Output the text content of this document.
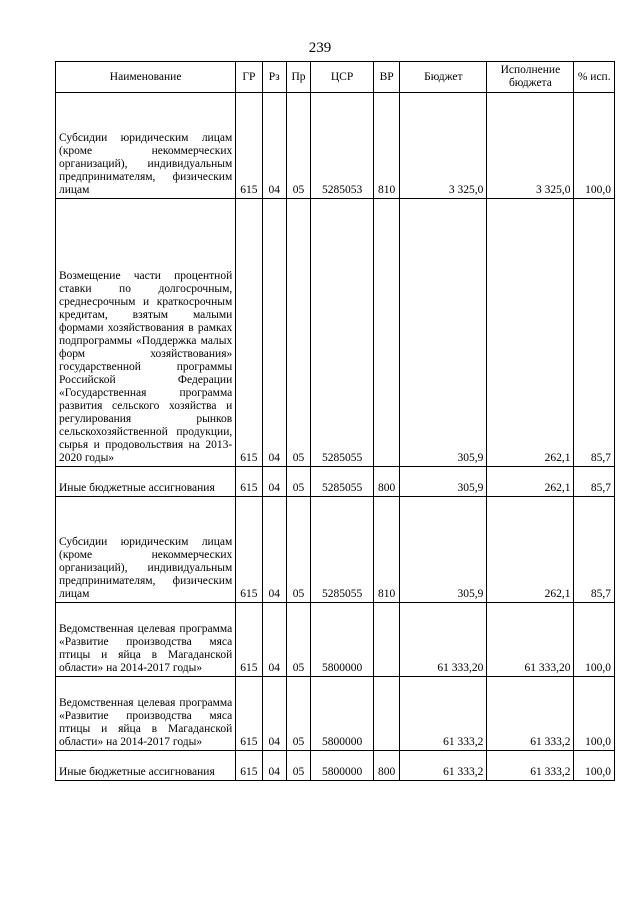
239
Наименование	ГР	Рз	Пр	ЦСР	ВР	Бюджет	Исполнение бюджета	% исп.
Субсидии юридическим лицам (кроме некоммерческих организаций), индивидуальным предпринимателям, физическим лицам	615	04	05	5285053	810	3 325,0	3 325,0	100,0
Возмещение части процентной ставки по долгосрочным, среднесрочным и краткосрочным кредитам, взятым малыми формами хозяйствования в рамках подпрограммы «Поддержка малых форм хозяйствования» государственной программы Российской Федерации «Государственная программа развития сельского хозяйства и регулирования рынков сельскохозяйственной продукции, сырья и продовольствия на 2013-2020 годы»	615	04	05	5285055		305,9	262,1	85,7
Иные бюджетные ассигнования	615	04	05	5285055	800	305,9	262,1	85,7
Субсидии юридическим лицам (кроме некоммерческих организаций), индивидуальным предпринимателям, физическим лицам	615	04	05	5285055	810	305,9	262,1	85,7
Ведомственная целевая программа «Развитие производства мяса птицы и яйца в Магаданской области» на 2014-2017 годы»	615	04	05	5800000		61 333,20	61 333,20	100,0
Ведомственная целевая программа «Развитие производства мяса птицы и яйца в Магаданской области» на 2014-2017 годы»	615	04	05	5800000		61 333,2	61 333,2	100,0
Иные бюджетные ассигнования	615	04	05	5800000	800	61 333,2	61 333,2	100,0
